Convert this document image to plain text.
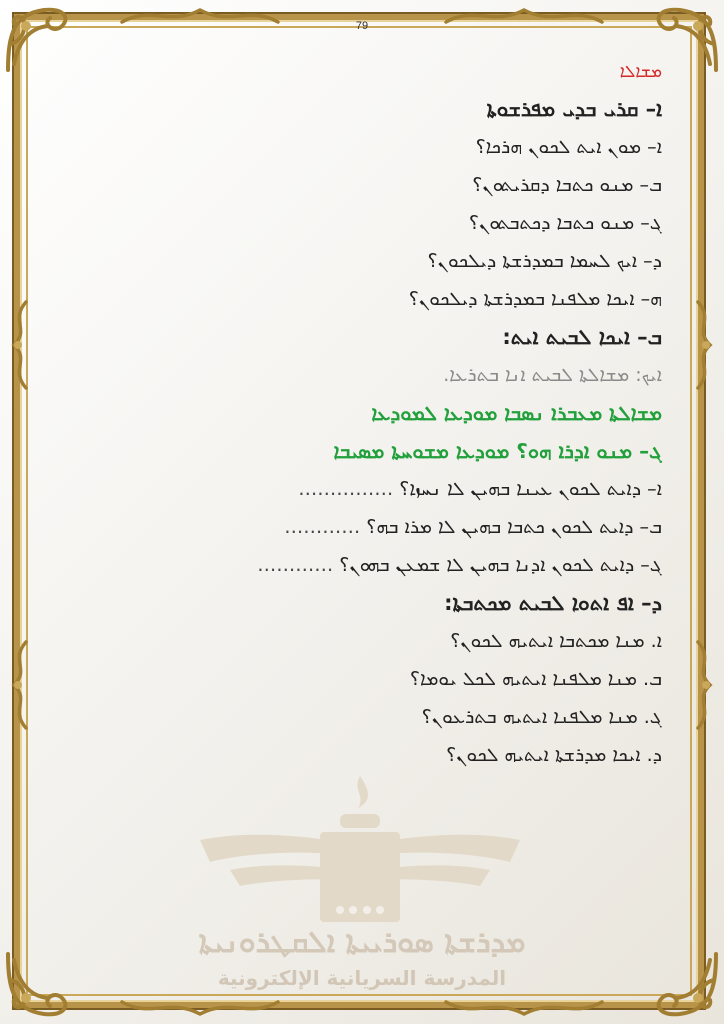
ܡܕܪܫܬܐ ܣܘܪܝܝܬܐ ܐܠܩܛܪܘܢܝܬܐ
المدرسة السريانية الإلكترونية
79
ܡܫܐܠܐ
ܐ– ܩܪܝ ܒܕܝ ܡܦܪܫܘܬܐ
ܐ– ܡܘܢ ܐܝܬ ܠܟܘܢ ܗܪܟܐ؟
ܒ– ܡܢܘ ܟܬܒܐ ܕܩܪܝܬܘܢ؟
ܓ– ܡܢܘ ܟܬܒܐ ܕܟܬܒܬܘܢ؟
ܕ– ܐܝܟ ܠܚܡܐ ܒܡܕܪܫܬܐ ܕܝܠܟܘܢ؟
ܗ– ܐܝܟܐ ܡܠܦܢܐ ܒܡܕܪܫܬܐ ܕܝܠܟܘܢ؟
ܒ– ܐܝܟܐ ܠܒܝܬ ܐܝܬ:
ܐܝܟ: ܡܫܐܠܬܐ ܠܒܝܬ ܐܢܐ ܒܬܪܥܐ.
ܡܫܐܠܬܐ ܡܥܒܪܐ ܢܣܒܐ ܡܘܕܥܐ ܠܡܘܕܥܐ
ܓ– ܡܢܘ ܐܕܪܐ ܗܘ؟ ܡܘܕܥܐ ܡܫܘܚܬܐ ܡܣܝܒܐ
ܐ– ܕܐܝܬ ܠܟܘܢ ܥܝܢܐ ܒܗܝܢ ܠܐ ܢܚܙܐ؟ ……………
ܒ– ܕܐܝܬ ܠܟܘܢ ܟܬܒܐ ܒܗܝܢ ܠܐ ܡܪܐ ܒܗ؟ …………
ܓ– ܕܐܝܬ ܠܟܘܢ ܐܕܢܐ ܒܗܝܢ ܠܐ ܫܡܥܢ ܒܗܘܢ؟ …………
ܕ– ܐܦ ܐܬܘܐ ܠܒܝܬ ܡܟܬܒܬܐ:
ܐ. ܡܢܐ ܡܟܬܒܐ ܐܝܬܝܗ ܠܟܘܢ؟
ܒ. ܡܢܐ ܡܠܦܢܐ ܐܝܬܝܗ ܠܟܠ ܝܘܡܐ؟
ܓ. ܡܢܐ ܡܠܦܢܐ ܐܝܬܝܗ ܒܬܪܥܘܢ؟
ܕ. ܐܝܟܐ ܡܕܪܫܬܐ ܐܝܬܝܗ ܠܟܘܢ؟
